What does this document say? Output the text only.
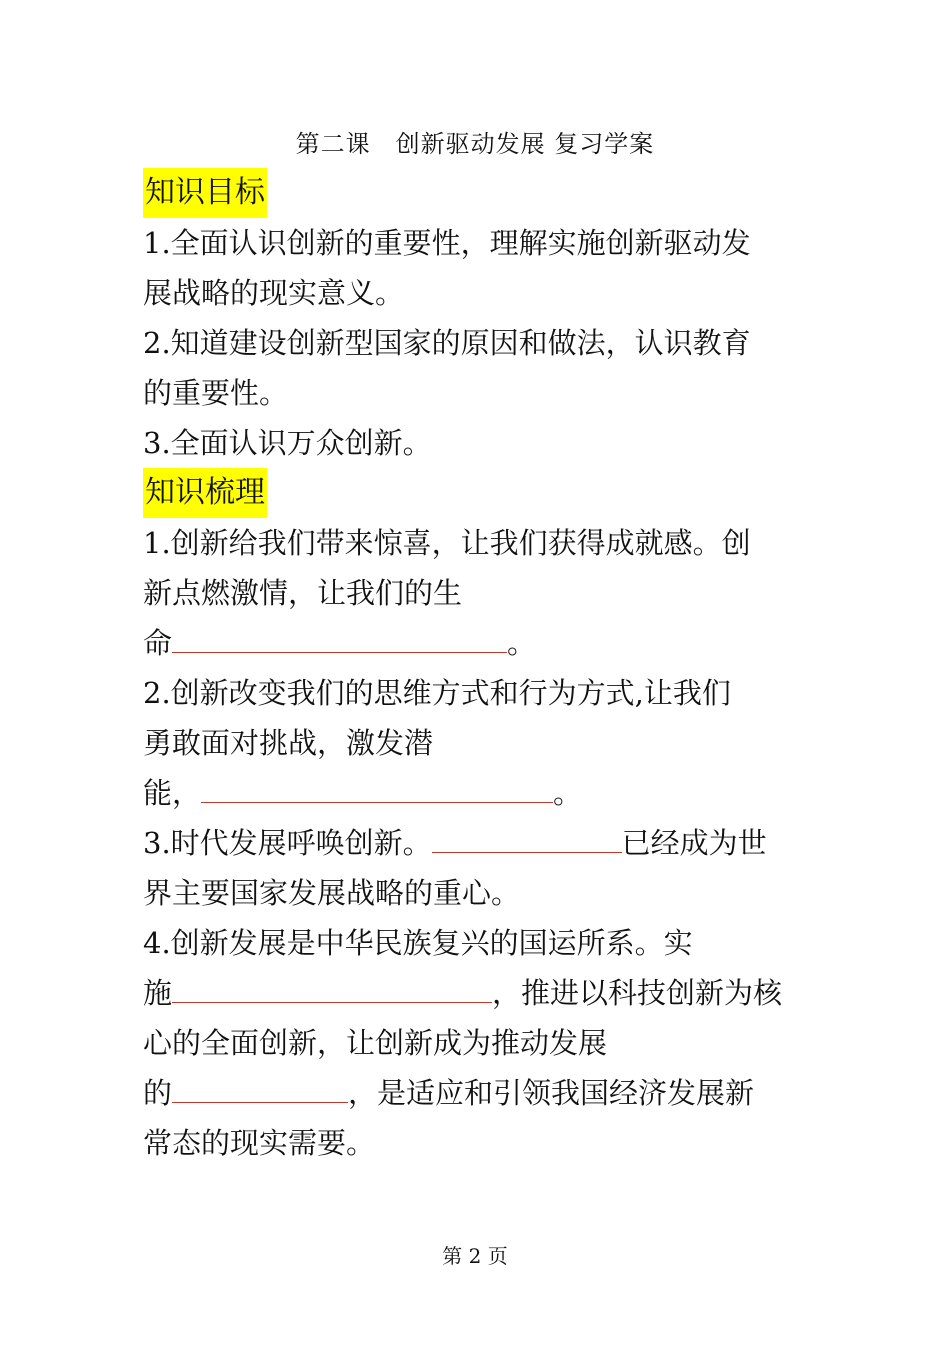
第二课　创新驱动发展 复习学案
知识目标
1.全面认识创新的重要性，理解实施创新驱动发
展战略的现实意义。
2.知道建设创新型国家的原因和做法，认识教育
的重要性。
3.全面认识万众创新。
知识梳理
1.创新给我们带来惊喜，让我们获得成就感。创
新点燃激情，让我们的生
命	。
2.创新改变我们的思维方式和行为方式,让我们
勇敢面对挑战，激发潜
能，	。
3.时代发展呼唤创新。	已经成为世
界主要国家发展战略的重心。
4.创新发展是中华民族复兴的国运所系。实
施	，推进以科技创新为核
心的全面创新，让创新成为推动发展
的	，是适应和引领我国经济发展新
常态的现实需要。
第 2 页
